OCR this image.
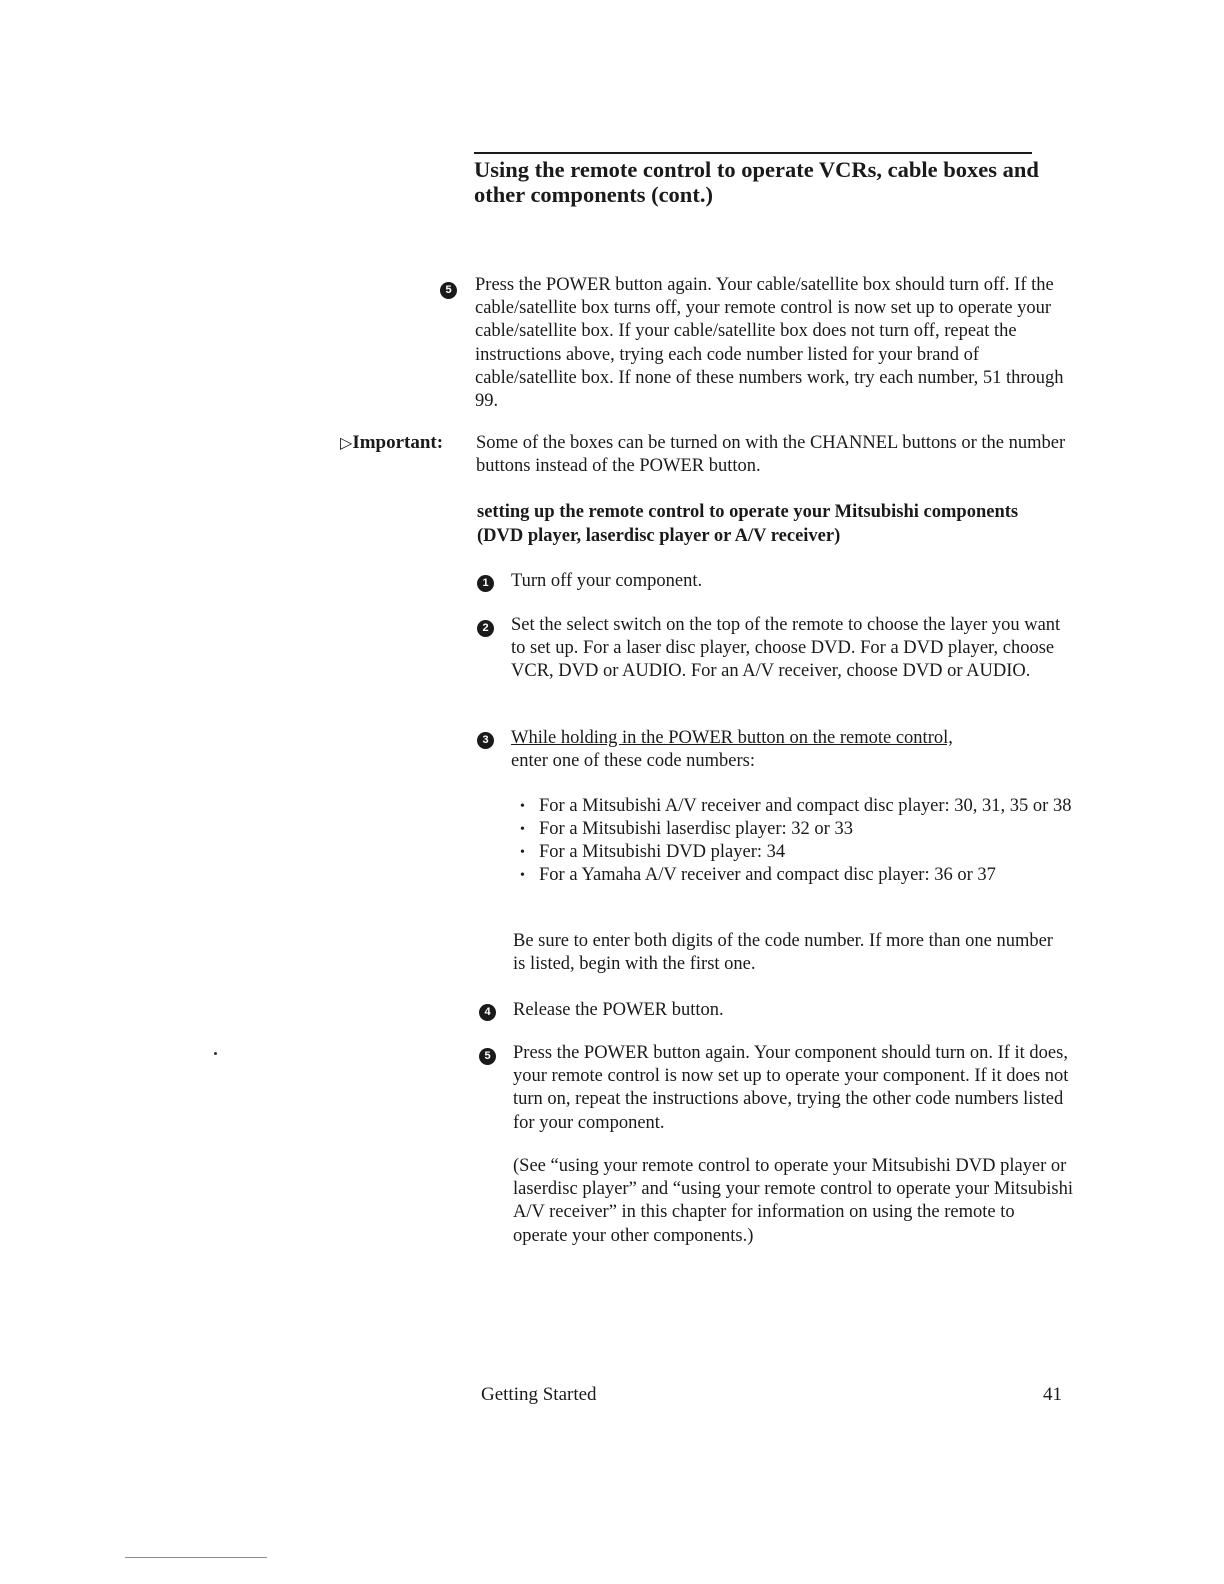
Using the remote control to operate VCRs, cable boxes and other components (cont.)
5 Press the POWER button again. Your cable/satellite box should turn off. If the cable/satellite box turns off, your remote control is now set up to operate your cable/satellite box. If your cable/satellite box does not turn off, repeat the instructions above, trying each code number listed for your brand of cable/satellite box. If none of these numbers work, try each number, 51 through 99.

▷Important: Some of the boxes can be turned on with the CHANNEL buttons or the number buttons instead of the POWER button.

setting up the remote control to operate your Mitsubishi components (DVD player, laserdisc player or A/V receiver)
1 Turn off your component.

2 Set the select switch on the top of the remote to choose the layer you want to set up. For a laser disc player, choose DVD. For a DVD player, choose VCR, DVD or AUDIO. For an A/V receiver, choose DVD or AUDIO.

3 While holding in the POWER button on the remote control,
enter one of these code numbers:

• For a Mitsubishi A/V receiver and compact disc player: 30, 31, 35 or 38
• For a Mitsubishi laserdisc player: 32 or 33
• For a Mitsubishi DVD player: 34
• For a Yamaha A/V receiver and compact disc player: 36 or 37

Be sure to enter both digits of the code number. If more than one number is listed, begin with the first one.

4 Release the POWER button.

5 Press the POWER button again. Your component should turn on. If it does, your remote control is now set up to operate your component. If it does not turn on, repeat the instructions above, trying the other code numbers listed for your component.

(See “using your remote control to operate your Mitsubishi DVD player or laserdisc player” and “using your remote control to operate your Mitsubishi A/V receiver” in this chapter for information on using the remote to operate your other components.)

Getting Started	41
